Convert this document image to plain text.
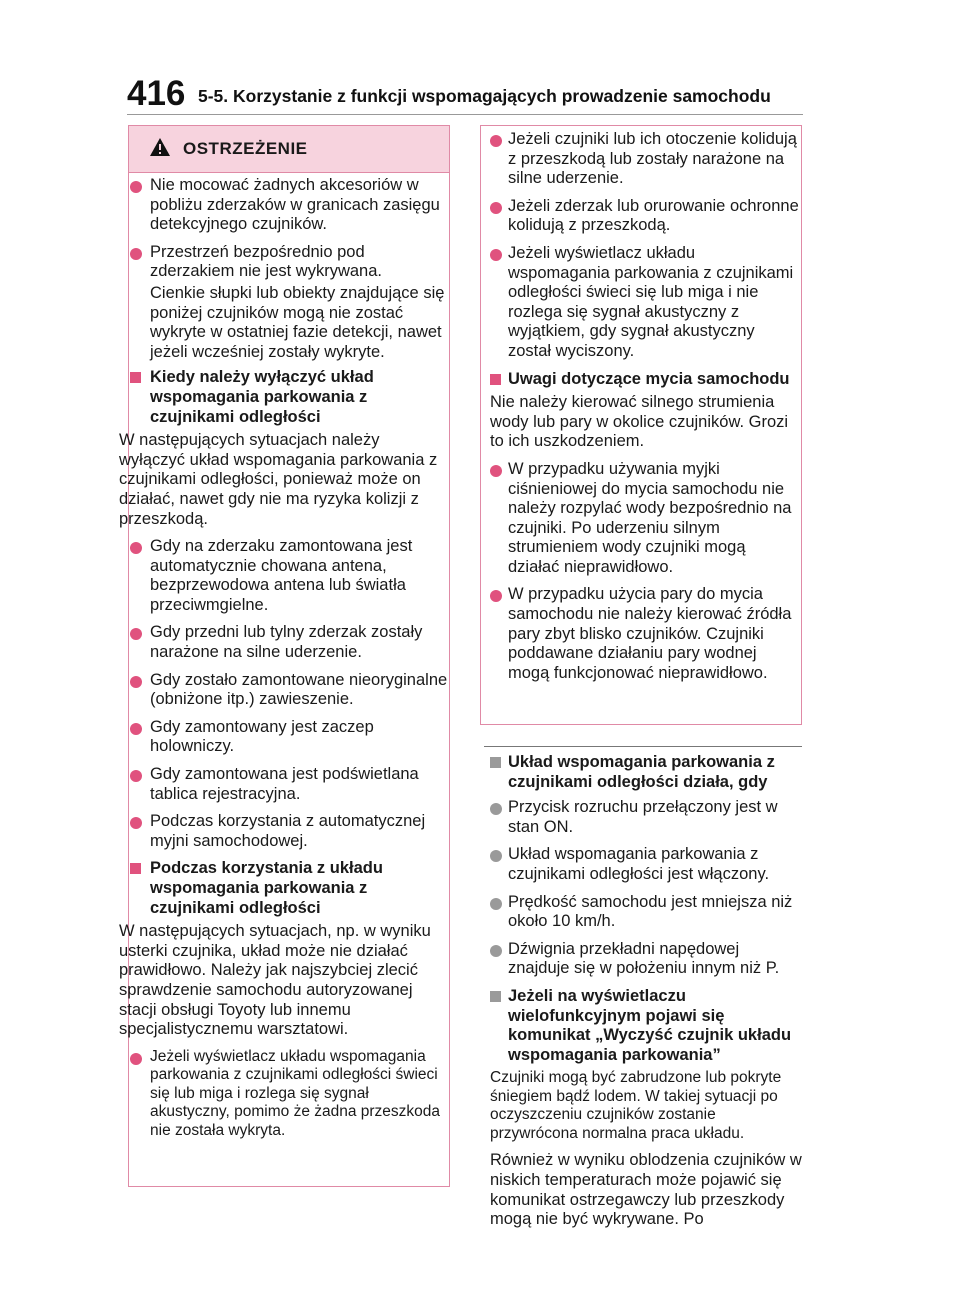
416 5-5. Korzystanie z funkcji wspomagających prowadzenie samochodu
OSTRZEŻENIE
Nie mocować żadnych akcesoriów w pobliżu zderzaków w granicach zasięgu detekcyjnego czujników.
Przestrzeń bezpośrednio pod zderzakiem nie jest wykrywana.
Cienkie słupki lub obiekty znajdujące się poniżej czujników mogą nie zostać wykryte w ostatniej fazie detekcji, nawet jeżeli wcześniej zostały wykryte.
Kiedy należy wyłączyć układ wspomagania parkowania z czujnikami odległości
W następujących sytuacjach należy wyłączyć układ wspomagania parkowania z czujnikami odległości, ponieważ może on działać, nawet gdy nie ma ryzyka kolizji z przeszkodą.
Gdy na zderzaku zamontowana jest automatycznie chowana antena, bezprzewodowa antena lub światła przeciwmgielne.
Gdy przedni lub tylny zderzak zostały narażone na silne uderzenie.
Gdy zostało zamontowane nieoryginalne (obniżone itp.) zawieszenie.
Gdy zamontowany jest zaczep holowniczy.
Gdy zamontowana jest podświetlana tablica rejestracyjna.
Podczas korzystania z automatycznej myjni samochodowej.
Podczas korzystania z układu wspomagania parkowania z czujnikami odległości
W następujących sytuacjach, np. w wyniku usterki czujnika, układ może nie działać prawidłowo. Należy jak najszybciej zlecić sprawdzenie samochodu autoryzowanej stacji obsługi Toyoty lub innemu specjalistycznemu warsztatowi.
Jeżeli wyświetlacz układu wspomagania parkowania z czujnikami odległości świeci się lub miga i rozlega się sygnał akustyczny, pomimo że żadna przeszkoda nie została wykryta.
Jeżeli czujniki lub ich otoczenie kolidują z przeszkodą lub zostały narażone na silne uderzenie.
Jeżeli zderzak lub orurowanie ochronne kolidują z przeszkodą.
Jeżeli wyświetlacz układu wspomagania parkowania z czujnikami odległości świeci się lub miga i nie rozlega się sygnał akustyczny z wyjątkiem, gdy sygnał akustyczny został wyciszony.
Uwagi dotyczące mycia samochodu
Nie należy kierować silnego strumienia wody lub pary w okolice czujników. Grozi to ich uszkodzeniem.
W przypadku używania myjki ciśnieniowej do mycia samochodu nie należy rozpylać wody bezpośrednio na czujniki. Po uderzeniu silnym strumieniem wody czujniki mogą działać nieprawidłowo.
W przypadku użycia pary do mycia samochodu nie należy kierować źródła pary zbyt blisko czujników. Czujniki poddawane działaniu pary wodnej mogą funkcjonować nieprawidłowo.
Układ wspomagania parkowania z czujnikami odległości działa, gdy
Przycisk rozruchu przełączony jest w stan ON.
Układ wspomagania parkowania z czujnikami odległości jest włączony.
Prędkość samochodu jest mniejsza niż około 10 km/h.
Dźwignia przekładni napędowej znajduje się w położeniu innym niż P.
Jeżeli na wyświetlaczu wielofunkcyjnym pojawi się komunikat „Wyczyść czujnik układu wspomagania parkowania”
Czujniki mogą być zabrudzone lub pokryte śniegiem bądź lodem. W takiej sytuacji po oczyszczeniu czujników zostanie przywrócona normalna praca układu.
Również w wyniku oblodzenia czujników w niskich temperaturach może pojawić się komunikat ostrzegawczy lub przeszkody mogą nie być wykrywane. Po
